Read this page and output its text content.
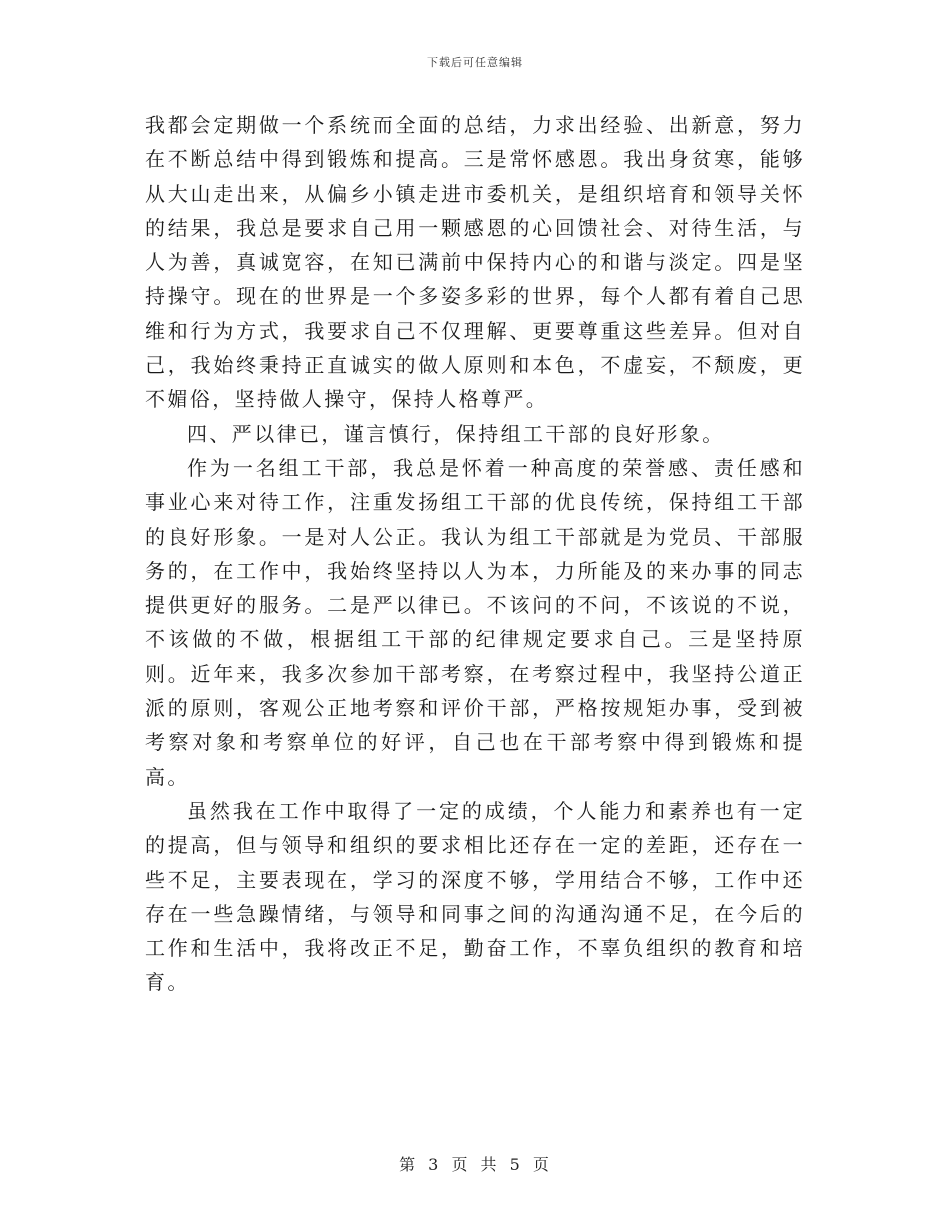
下载后可任意编辑

我都会定期做一个系统而全面的总结，力求出经验、出新意，努力在不断总结中得到锻炼和提高。三是常怀感恩。我出身贫寒，能够从大山走出来，从偏乡小镇走进市委机关，是组织培育和领导关怀的结果，我总是要求自己用一颗感恩的心回馈社会、对待生活，与人为善，真诚宽容，在知已满前中保持内心的和谐与淡定。四是坚持操守。现在的世界是一个多姿多彩的世界，每个人都有着自己思维和行为方式，我要求自己不仅理解、更要尊重这些差异。但对自己，我始终秉持正直诚实的做人原则和本色，不虚妄，不颓废，更不媚俗，坚持做人操守，保持人格尊严。

四、严以律已，谨言慎行，保持组工干部的良好形象。

作为一名组工干部，我总是怀着一种高度的荣誉感、责任感和事业心来对待工作，注重发扬组工干部的优良传统，保持组工干部的良好形象。一是对人公正。我认为组工干部就是为党员、干部服务的，在工作中，我始终坚持以人为本，力所能及的来办事的同志提供更好的服务。二是严以律已。不该问的不问，不该说的不说，不该做的不做，根据组工干部的纪律规定要求自己。三是坚持原则。近年来，我多次参加干部考察，在考察过程中，我坚持公道正派的原则，客观公正地考察和评价干部，严格按规矩办事，受到被考察对象和考察单位的好评，自己也在干部考察中得到锻炼和提高。

虽然我在工作中取得了一定的成绩，个人能力和素养也有一定的提高，但与领导和组织的要求相比还存在一定的差距，还存在一些不足，主要表现在，学习的深度不够，学用结合不够，工作中还存在一些急躁情绪，与领导和同事之间的沟通沟通不足，在今后的工作和生活中，我将改正不足，勤奋工作，不辜负组织的教育和培育。

第 3 页 共 5 页
